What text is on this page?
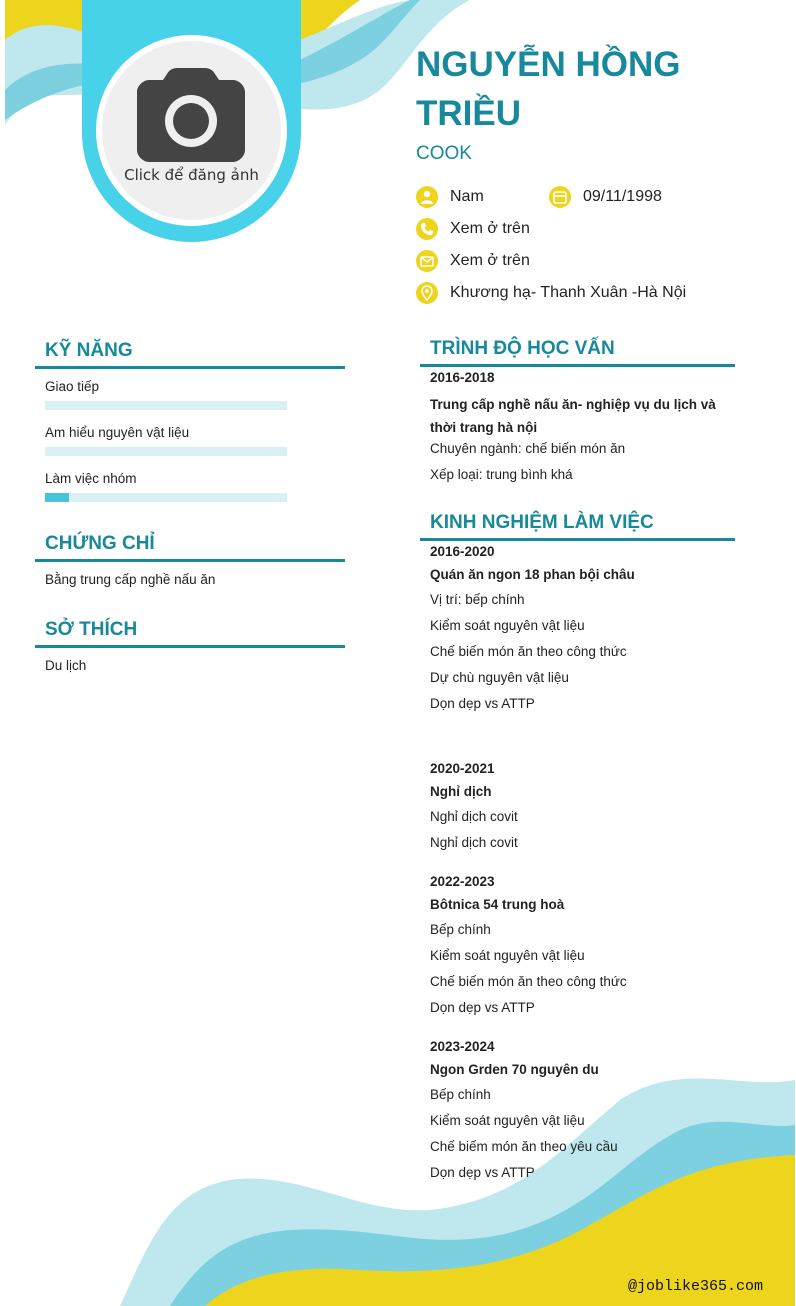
Click để đăng ảnh
NGUYỄN HỒNG TRIỀU
COOK
Nam	09/11/1998
Xem ở trên
Xem ở trên
Khương hạ- Thanh Xuân -Hà Nội
KỸ NĂNG
Giao tiếp
Am hiểu nguyên vật liệu
Làm việc nhóm
CHỨNG CHỈ
Bằng trung cấp nghề nấu ăn
SỞ THÍCH
Du lịch
TRÌNH ĐỘ HỌC VẤN
2016-2018
Trung cấp nghề nấu ăn- nghiệp vụ du lịch và thời trang hà nội
Chuyên ngành: chế biến món ăn
Xếp loại: trung bình khá
KINH NGHIỆM LÀM VIỆC
2016-2020
Quán ăn ngon 18 phan bội châu
Vị trí: bếp chính
Kiểm soát nguyên vật liệu
Chế biến món ăn theo công thức
Dự chù nguyên vật liệu
Dọn dẹp vs ATTP
2020-2021
Nghỉ dịch
Nghỉ dịch covit
Nghỉ dịch covit
2022-2023
Bôtnica 54 trung hoà
Bếp chính
Kiểm soát nguyên vật liệu
Chế biến món ăn theo công thức
Dọn dẹp vs ATTP
2023-2024
Ngon Grden 70 nguyên du
Bếp chính
Kiểm soát nguyên vật liệu
Chế biếm món ăn theo yêu cầu
Dọn dẹp vs ATTP
@joblike365.com
